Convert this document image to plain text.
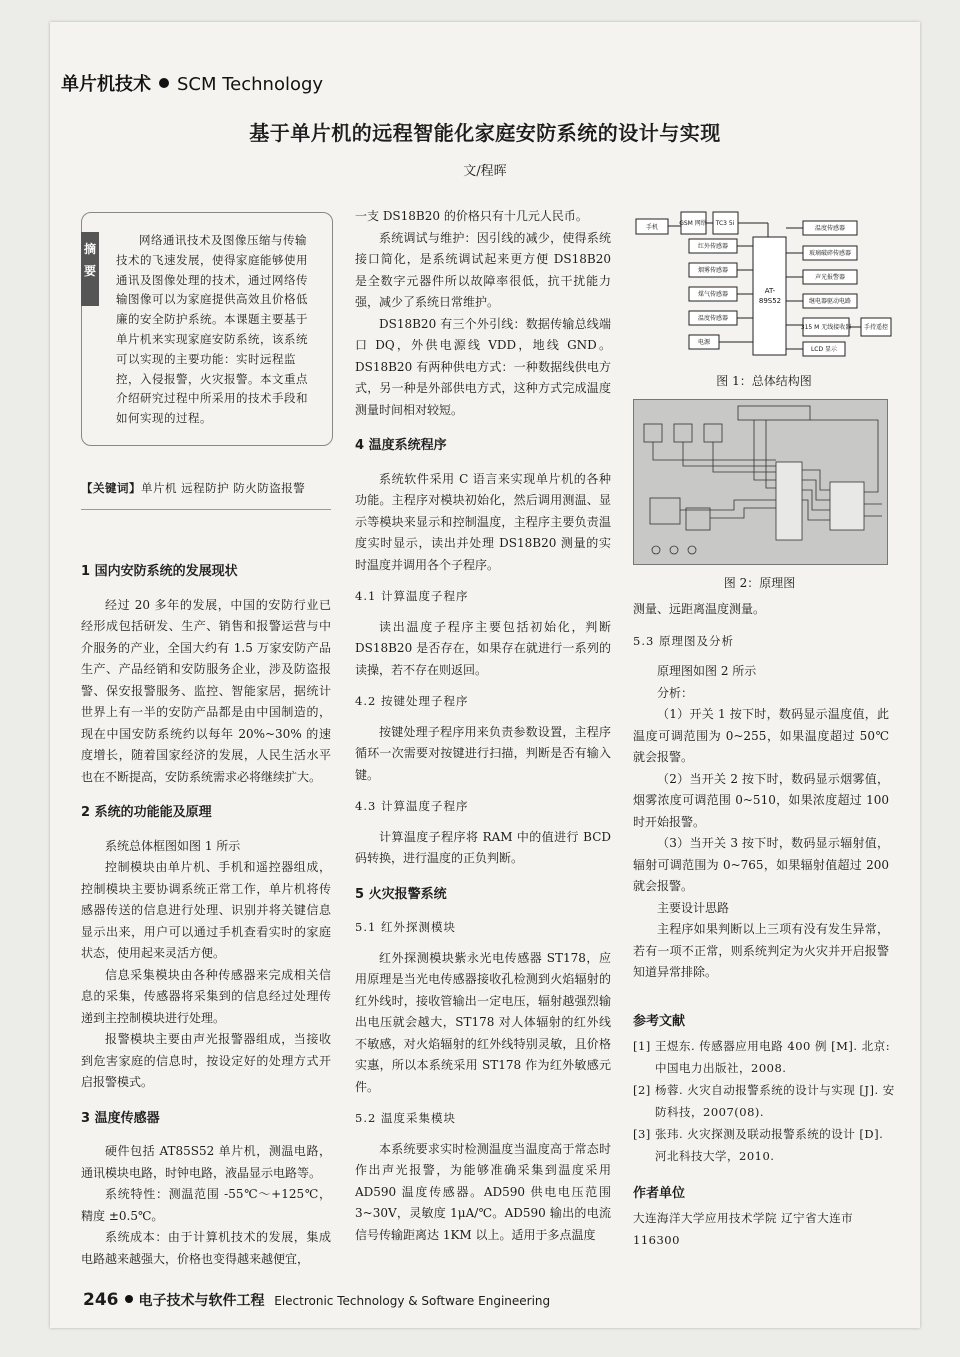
单片机技术 SCM Technology
基于单片机的远程智能化家庭安防系统的设计与实现
文/程晖
摘 要
网络通讯技术及图像压缩与传输技术的飞速发展，使得家庭能够使用通讯及图像处理的技术，通过网络传输图像可以为家庭提供高效且价格低廉的安全防护系统。本课题主要基于单片机来实现家庭安防系统，该系统可以实现的主要功能：实时远程监控，入侵报警，火灾报警。本文重点介绍研究过程中所采用的技术手段和如何实现的过程。
【关键词】单片机 远程防护 防火防盗报警
1 国内安防系统的发展现状

经过 20 多年的发展，中国的安防行业已经形成包括研发、生产、销售和报警运营与中介服务的产业，全国大约有 1.5 万家安防产品生产、产品经销和安防服务企业，涉及防盗报警、保安报警服务、监控、智能家居，据统计世界上有一半的安防产品都是由中国制造的，现在中国安防系统约以每年 20%~30% 的速度增长，随着国家经济的发展，人民生活水平也在不断提高，安防系统需求必将继续扩大。

2 系统的功能能及原理

系统总体框图如图 1 所示

控制模块由单片机、手机和遥控器组成，控制模块主要协调系统正常工作，单片机将传感器传送的信息进行处理、识别并将关键信息显示出来，用户可以通过手机查看实时的家庭状态，使用起来灵活方便。

信息采集模块由各种传感器来完成相关信息的采集，传感器将采集到的信息经过处理传递到主控制模块进行处理。

报警模块主要由声光报警器组成，当接收到危害家庭的信息时，按设定好的处理方式开启报警模式。

3 温度传感器

硬件包括 AT85S52 单片机，测温电路，通讯模块电路，时钟电路，液晶显示电路等。

系统特性：测温范围 -55℃～+125℃，精度 ±0.5℃。

系统成本：由于计算机技术的发展，集成电路越来越强大，价格也变得越来越便宜，

一支 DS18B20 的价格只有十几元人民币。

系统调试与维护：因引线的减少，使得系统接口简化，是系统调试起来更方便 DS18B20 是全数字元器件所以故障率很低，抗干扰能力强，减少了系统日常维护。

DS18B20 有三个外引线：数据传输总线端口 DQ，外供电源线 VDD，地线 GND。DS18B20 有两种供电方式：一种数据线供电方式，另一种是外部供电方式，这种方式完成温度测量时间相对较短。

4 温度系统程序

系统软件采用 C 语言来实现单片机的各种功能。主程序对模块初始化，然后调用测温、显示等模块来显示和控制温度，主程序主要负责温度实时显示，读出并处理 DS18B20 测量的实时温度并调用各个子程序。

4.1 计算温度子程序

读出温度子程序主要包括初始化，判断 DS18B20 是否存在，如果存在就进行一系列的读操，若不存在则返回。

4.2 按键处理子程序

按键处理子程序用来负责参数设置，主程序循环一次需要对按键进行扫描，判断是否有输入键。

4.3 计算温度子程序

计算温度子程序将 RAM 中的值进行 BCD 码转换，进行温度的正负判断。

5 火灾报警系统
5.1 红外探测模块

红外探测模块紫永光电传感器 ST178，应用原理是当光电传感器接收孔检测到火焰辐射的红外线时，接收管输出一定电压，辐射越强烈输出电压就会越大，ST178 对人体辐射的红外线不敏感，对火焰辐射的红外线特别灵敏，且价格实惠，所以本系统采用 ST178 作为红外敏感元件。

5.2 温度采集模块

本系统要求实时检测温度当温度高于常态时作出声光报警，为能够准确采集到温度采用 AD590 温度传感器。AD590 供电电压范围 3~30V，灵敏度 1μA/℃。AD590 输出的电流信号传输距离达 1KM 以上。适用于多点温度

手机
GSM 网络 TC3 5i
红外传感器
烟雾传感器
煤气传感器
温度传感器
电源
AT-
89S52
温度传感器
玻璃破碎传感器
声光报警器
继电器驱动电路
315 M 无线接收器 手持遥控
LCD 显示
图 1：总体结构图
图 2：原理图

测量、远距离温度测量。

5.3 原理图及分析

原理图如图 2 所示

分析：

（1）开关 1 按下时，数码显示温度值，此温度可调范围为 0~255，如果温度超过 50℃就会报警。

（2）当开关 2 按下时，数码显示烟雾值，烟雾浓度可调范围 0~510，如果浓度超过 100 时开始报警。

（3）当开关 3 按下时，数码显示辐射值，辐射可调范围为 0~765，如果辐射值超过 200 就会报警。

主要设计思路

主程序如果判断以上三项有没有发生异常，若有一项不正常，则系统判定为火灾并开启报警知道异常排除。

参考文献
[1] 王煜东. 传感器应用电路 400 例 [M]. 北京: 中国电力出版社，2008.
[2] 杨蓉. 火灾自动报警系统的设计与实现 [J]. 安防科技，2007(08).
[3] 张玮. 火灾探测及联动报警系统的设计 [D]. 河北科技大学，2010.
作者单位
大连海洋大学应用技术学院 辽宁省大连市 116300
246 电子技术与软件工程 Electronic Technology & Software Engineering
